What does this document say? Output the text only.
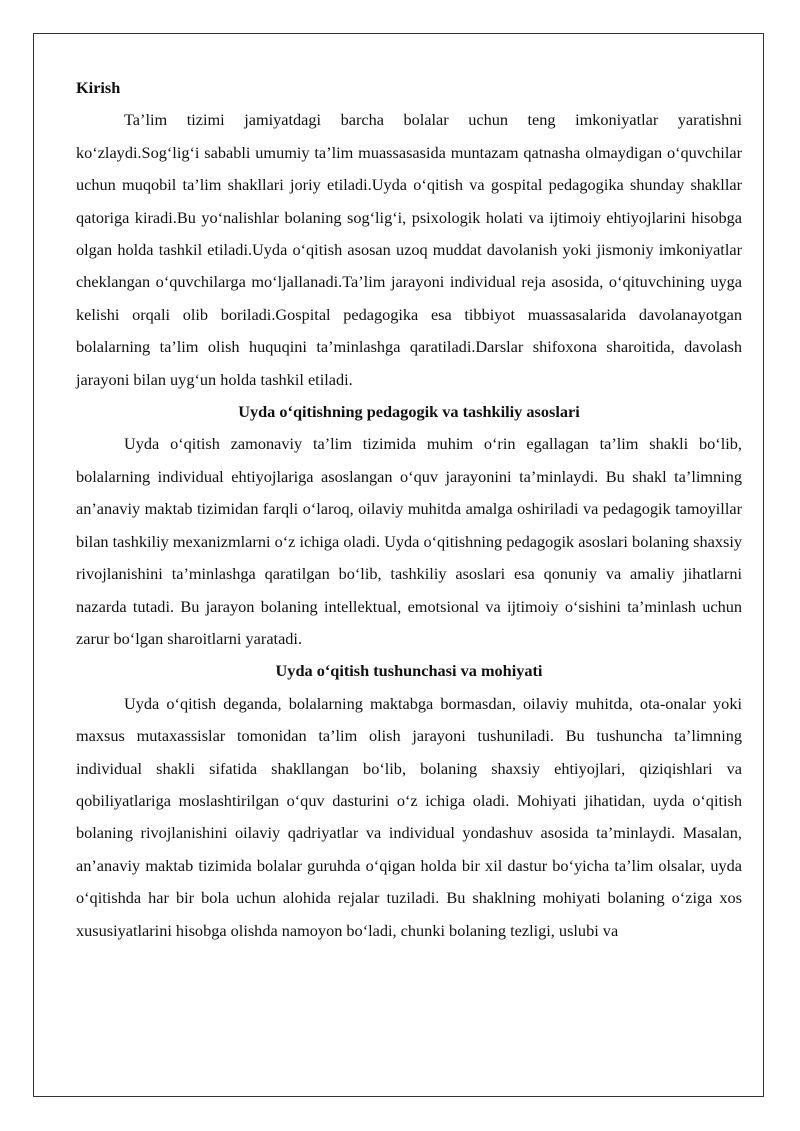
Kirish

Ta’lim tizimi jamiyatdagi barcha bolalar uchun teng imkoniyatlar yaratishni ko‘zlaydi.Sog‘lig‘i sababli umumiy ta’lim muassasasida muntazam qatnasha olmaydigan o‘quvchilar uchun muqobil ta’lim shakllari joriy etiladi.Uyda o‘qitish va gospital pedagogika shunday shakllar qatoriga kiradi.Bu yo‘nalishlar bolaning sog‘lig‘i, psixologik holati va ijtimoiy ehtiyojlarini hisobga olgan holda tashkil etiladi.Uyda o‘qitish asosan uzoq muddat davolanish yoki jismoniy imkoniyatlar cheklangan o‘quvchilarga mo‘ljallanadi.Ta’lim jarayoni individual reja asosida, o‘qituvchining uyga kelishi orqali olib boriladi.Gospital pedagogika esa tibbiyot muassasalarida davolanayotgan bolalarning ta’lim olish huquqini ta’minlashga qaratiladi.Darslar shifoxona sharoitida, davolash jarayoni bilan uyg‘un holda tashkil etiladi.

Uyda o‘qitishning pedagogik va tashkiliy asoslari

Uyda o‘qitish zamonaviy ta’lim tizimida muhim o‘rin egallagan ta’lim shakli bo‘lib, bolalarning individual ehtiyojlariga asoslangan o‘quv jarayonini ta’minlaydi. Bu shakl ta’limning an’anaviy maktab tizimidan farqli o‘laroq, oilaviy muhitda amalga oshiriladi va pedagogik tamoyillar bilan tashkiliy mexanizmlarni o‘z ichiga oladi. Uyda o‘qitishning pedagogik asoslari bolaning shaxsiy rivojlanishini ta’minlashga qaratilgan bo‘lib, tashkiliy asoslari esa qonuniy va amaliy jihatlarni nazarda tutadi. Bu jarayon bolaning intellektual, emotsional va ijtimoiy o‘sishini ta’minlash uchun zarur bo‘lgan sharoitlarni yaratadi.

Uyda o‘qitish tushunchasi va mohiyati

Uyda o‘qitish deganda, bolalarning maktabga bormasdan, oilaviy muhitda, ota-onalar yoki maxsus mutaxassislar tomonidan ta’lim olish jarayoni tushuniladi. Bu tushuncha ta’limning individual shakli sifatida shakllangan bo‘lib, bolaning shaxsiy ehtiyojlari, qiziqishlari va qobiliyatlariga moslashtirilgan o‘quv dasturini o‘z ichiga oladi. Mohiyati jihatidan, uyda o‘qitish bolaning rivojlanishini oilaviy qadriyatlar va individual yondashuv asosida ta’minlaydi. Masalan, an’anaviy maktab tizimida bolalar guruhda o‘qigan holda bir xil dastur bo‘yicha ta’lim olsalar, uyda o‘qitishda har bir bola uchun alohida rejalar tuziladi. Bu shaklning mohiyati bolaning o‘ziga xos xususiyatlarini hisobga olishda namoyon bo‘ladi, chunki bolaning tezligi, uslubi va
